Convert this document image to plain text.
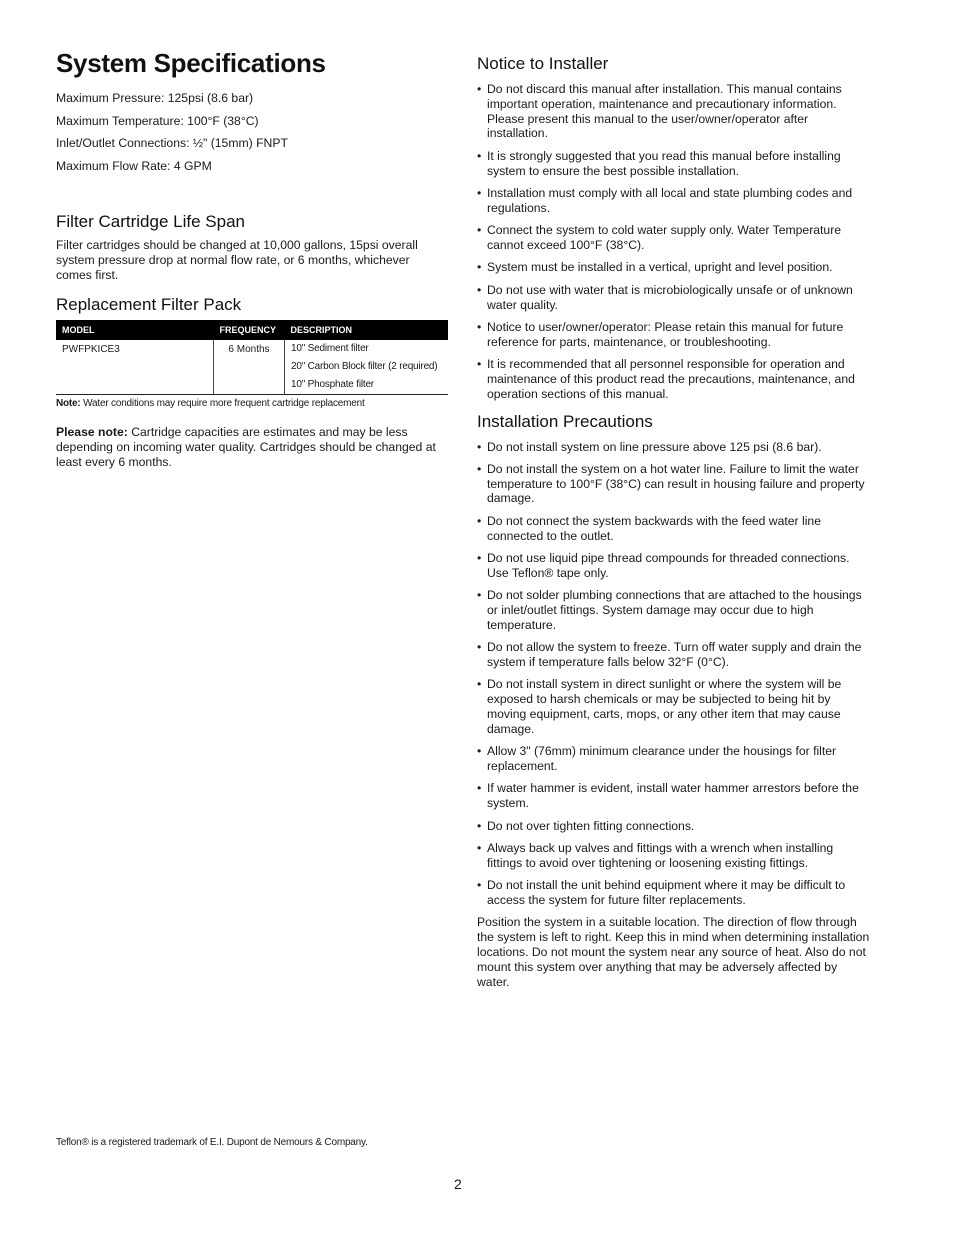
System Specifications
Maximum Pressure: 125psi (8.6 bar)
Maximum Temperature: 100°F (38°C)
Inlet/Outlet Connections: ½" (15mm) FNPT
Maximum Flow Rate: 4 GPM
Filter Cartridge Life Span

Filter cartridges should be changed at 10,000 gallons, 15psi overall system pressure drop at normal flow rate, or 6 months, whichever comes first.

Replacement Filter Pack
MODEL	FREQUENCY	DESCRIPTION
PWFPKICE3	6 Months	10" Sediment filter
20" Carbon Block filter (2 required)
10" Phosphate filter
Note: Water conditions may require more frequent cartridge replacement

Please note: Cartridge capacities are estimates and may be less depending on incoming water quality. Cartridges should be changed at least every 6 months.

Notice to Installer
• Do not discard this manual after installation. This manual contains important operation, maintenance and precautionary information. Please present this manual to the user/owner/operator after installation.
• It is strongly suggested that you read this manual before installing system to ensure the best possible installation.
• Installation must comply with all local and state plumbing codes and regulations.
• Connect the system to cold water supply only. Water Temperature cannot exceed 100°F (38°C).
• System must be installed in a vertical, upright and level position.
• Do not use with water that is microbiologically unsafe or of unknown water quality.
• Notice to user/owner/operator: Please retain this manual for future reference for parts, maintenance, or troubleshooting.
• It is recommended that all personnel responsible for operation and maintenance of this product read the precautions, maintenance, and operation sections of this manual.
Installation Precautions
• Do not install system on line pressure above 125 psi (8.6 bar).
• Do not install the system on a hot water line. Failure to limit the water temperature to 100°F (38°C) can result in housing failure and property damage.
• Do not connect the system backwards with the feed water line connected to the outlet.
• Do not use liquid pipe thread compounds for threaded connections. Use Teflon® tape only.
• Do not solder plumbing connections that are attached to the housings or inlet/outlet fittings. System damage may occur due to high temperature.
• Do not allow the system to freeze. Turn off water supply and drain the system if temperature falls below 32°F (0°C).
• Do not install system in direct sunlight or where the system will be exposed to harsh chemicals or may be subjected to being hit by moving equipment, carts, mops, or any other item that may cause damage.
• Allow 3" (76mm) minimum clearance under the housings for filter replacement.
• If water hammer is evident, install water hammer arrestors before the system.
• Do not over tighten fitting connections.
• Always back up valves and fittings with a wrench when installing fittings to avoid over tightening or loosening existing fittings.
• Do not install the unit behind equipment where it may be difficult to access the system for future filter replacements.

Position the system in a suitable location. The direction of flow through the system is left to right. Keep this in mind when determining installation locations. Do not mount the system near any source of heat. Also do not mount this system over anything that may be adversely affected by water.

Teflon® is a registered trademark of E.I. Dupont de Nemours & Company.
2
